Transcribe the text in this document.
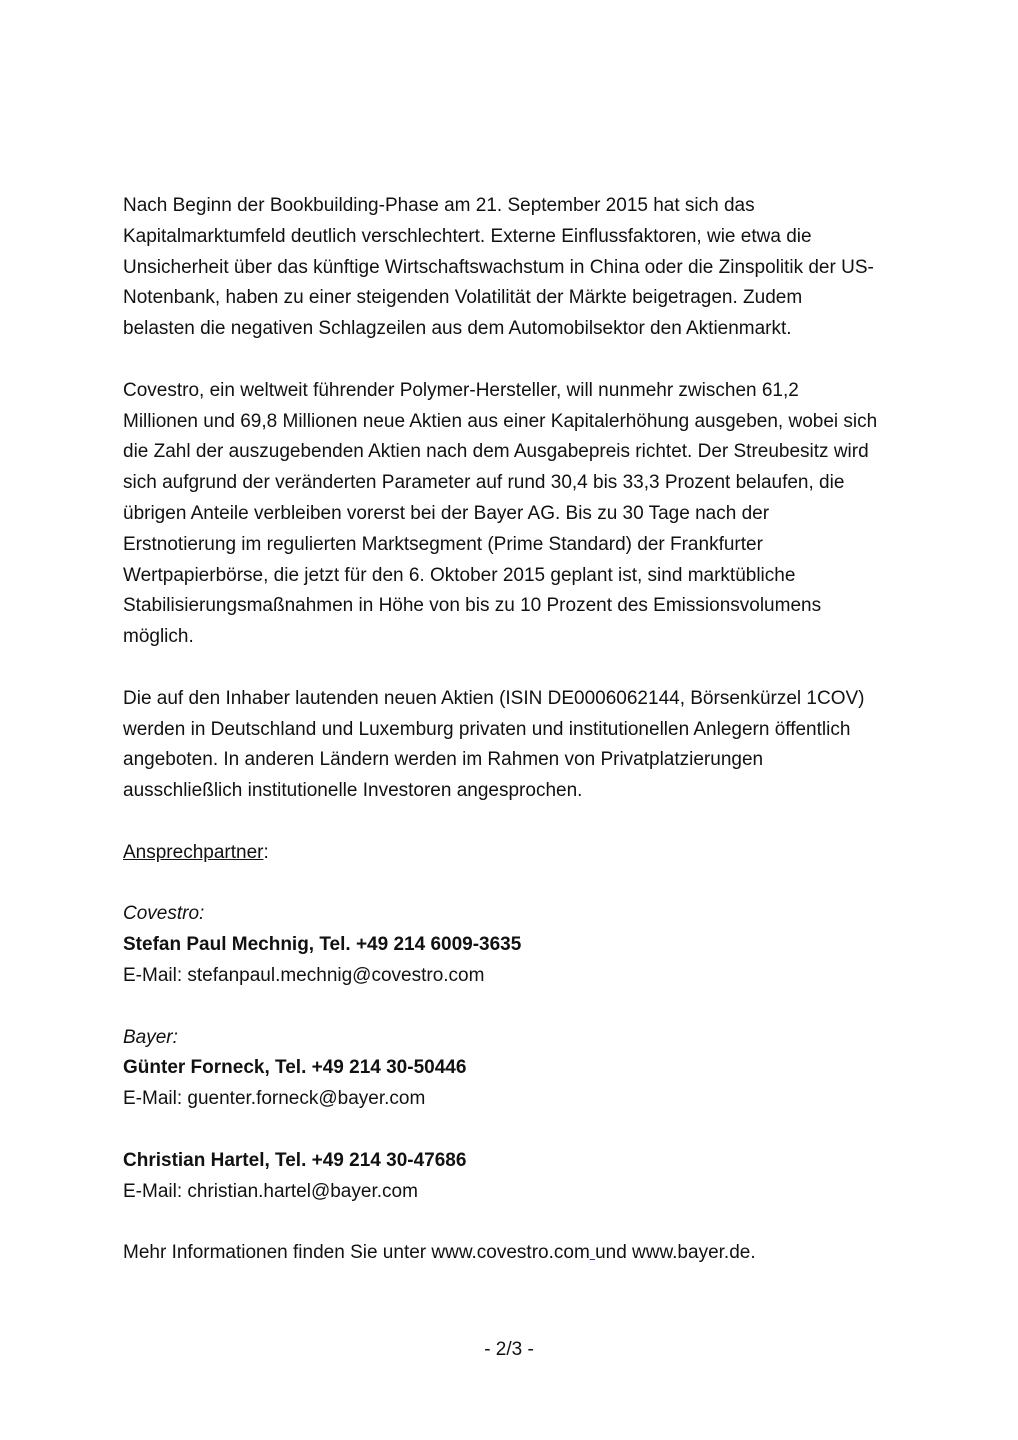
Nach Beginn der Bookbuilding-Phase am 21. September 2015 hat sich das
Kapitalmarktumfeld deutlich verschlechtert. Externe Einflussfaktoren, wie etwa die
Unsicherheit über das künftige Wirtschaftswachstum in China oder die Zinspolitik der US-
Notenbank, haben zu einer steigenden Volatilität der Märkte beigetragen. Zudem
belasten die negativen Schlagzeilen aus dem Automobilsektor den Aktienmarkt.
Covestro, ein weltweit führender Polymer-Hersteller, will nunmehr zwischen 61,2
Millionen und 69,8 Millionen neue Aktien aus einer Kapitalerhöhung ausgeben, wobei sich
die Zahl der auszugebenden Aktien nach dem Ausgabepreis richtet. Der Streubesitz wird
sich aufgrund der veränderten Parameter auf rund 30,4 bis 33,3 Prozent belaufen, die
übrigen Anteile verbleiben vorerst bei der Bayer AG. Bis zu 30 Tage nach der
Erstnotierung im regulierten Marktsegment (Prime Standard) der Frankfurter
Wertpapierbörse, die jetzt für den 6. Oktober 2015 geplant ist, sind marktübliche
Stabilisierungsmaßnahmen in Höhe von bis zu 10 Prozent des Emissionsvolumens
möglich.
Die auf den Inhaber lautenden neuen Aktien (ISIN DE0006062144, Börsenkürzel 1COV)
werden in Deutschland und Luxemburg privaten und institutionellen Anlegern öffentlich
angeboten. In anderen Ländern werden im Rahmen von Privatplatzierungen
ausschließlich institutionelle Investoren angesprochen.
Ansprechpartner:
Covestro:
Stefan Paul Mechnig, Tel. +49 214 6009-3635
E-Mail: stefanpaul.mechnig@covestro.com
Bayer:
Günter Forneck, Tel. +49 214 30-50446
E-Mail: guenter.forneck@bayer.com
Christian Hartel, Tel. +49 214 30-47686
E-Mail: christian.hartel@bayer.com
Mehr Informationen finden Sie unter www.covestro.com und www.bayer.de.
- 2/3 -
